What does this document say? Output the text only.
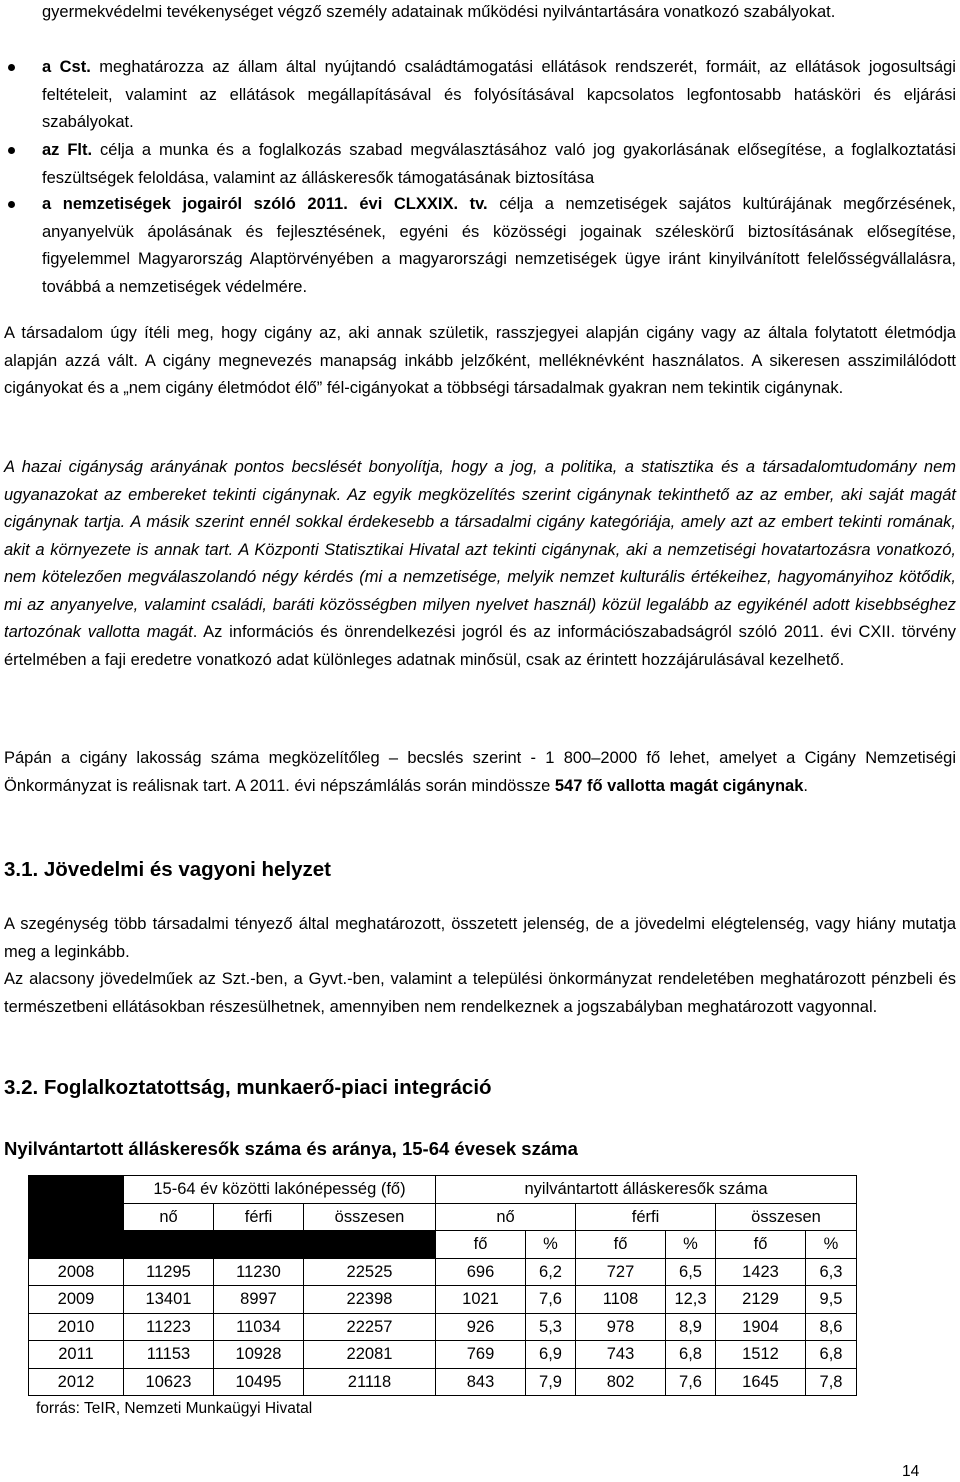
gyermekvédelmi tevékenységet végző személy adatainak működési nyilvántartására vonatkozó szabályokat.

a Cst. meghatározza az állam által nyújtandó családtámogatási ellátások rendszerét, formáit, az ellátások jogosultsági feltételeit, valamint az ellátások megállapításával és folyósításával kapcsolatos legfontosabb hatásköri és eljárási szabályokat.

az Flt. célja a munka és a foglalkozás szabad megválasztásához való jog gyakorlásának elősegítése, a foglalkoztatási feszültségek feloldása, valamint az álláskeresők támogatásának biztosítása

a nemzetiségek jogairól szóló 2011. évi CLXXIX. tv. célja a nemzetiségek sajátos kultúrájának megőrzésének, anyanyelvük ápolásának és fejlesztésének, egyéni és közösségi jogainak széleskörű biztosításának elősegítése, figyelemmel Magyarország Alaptörvényében a magyarországi nemzetiségek ügye iránt kinyilvánított felelősségvállalásra, továbbá a nemzetiségek védelmére.

A társadalom úgy ítéli meg, hogy cigány az, aki annak születik, rasszjegyei alapján cigány vagy az általa folytatott életmódja alapján azzá vált. A cigány megnevezés manapság inkább jelzőként, melléknévként használatos. A sikeresen asszimilálódott cigányokat és a „nem cigány életmódot élő” fél-cigányokat a többségi társadalmak gyakran nem tekintik cigánynak.

A hazai cigányság arányának pontos becslését bonyolítja, hogy a jog, a politika, a statisztika és a társadalomtudomány nem ugyanazokat az embereket tekinti cigánynak. Az egyik megközelítés szerint cigánynak tekinthető az az ember, aki saját magát cigánynak tartja. A másik szerint ennél sokkal érdekesebb a társadalmi cigány kategóriája, amely azt az embert tekinti romának, akit a környezete is annak tart. A Központi Statisztikai Hivatal azt tekinti cigánynak, aki a nemzetiségi hovatartozásra vonatkozó, nem kötelezően megválaszolandó négy kérdés (mi a nemzetisége, melyik nemzet kulturális értékeihez, hagyományihoz kötődik, mi az anyanyelve, valamint családi, baráti közösségben milyen nyelvet használ) közül legalább az egyikénél adott kisebbséghez tartozónak vallotta magát. Az információs és önrendelkezési jogról és az információszabadságról szóló 2011. évi CXII. törvény értelmében a faji eredetre vonatkozó adat különleges adatnak minősül, csak az érintett hozzájárulásával kezelhető.

Pápán a cigány lakosság száma megközelítőleg – becslés szerint - 1 800–2000 fő lehet, amelyet a Cigány Nemzetiségi Önkormányzat is reálisnak tart. A 2011. évi népszámlálás során mindössze 547 fő vallotta magát cigánynak.

3.1. Jövedelmi és vagyoni helyzet

A szegénység több társadalmi tényező által meghatározott, összetett jelenség, de a jövedelmi elégtelenség, vagy hiány mutatja meg a leginkább.

Az alacsony jövedelműek az Szt.-ben, a Gyvt.-ben, valamint a települési önkormányzat rendeletében meghatározott pénzbeli és természetbeni ellátásokban részesülhetnek, amennyiben nem rendelkeznek a jogszabályban meghatározott vagyonnal.

3.2. Foglalkoztatottság, munkaerő-piaci integráció

Nyilvántartott álláskeresők száma és aránya, 15-64 évesek száma

	15-64 év közötti lakónépesség (fő)			nyilvántartott álláskeresők száma					
	nő	férfi	összesen	nő		férfi		összesen	
				fő	%	fő	%	fő	%
2008	11295	11230	22525	696	6,2	727	6,5	1423	6,3
2009	13401	8997	22398	1021	7,6	1108	12,3	2129	9,5
2010	11223	11034	22257	926	5,3	978	8,9	1904	8,6
2011	11153	10928	22081	769	6,9	743	6,8	1512	6,8
2012	10623	10495	21118	843	7,9	802	7,6	1645	7,8

forrás: TeIR, Nemzeti Munkaügyi Hivatal

14
